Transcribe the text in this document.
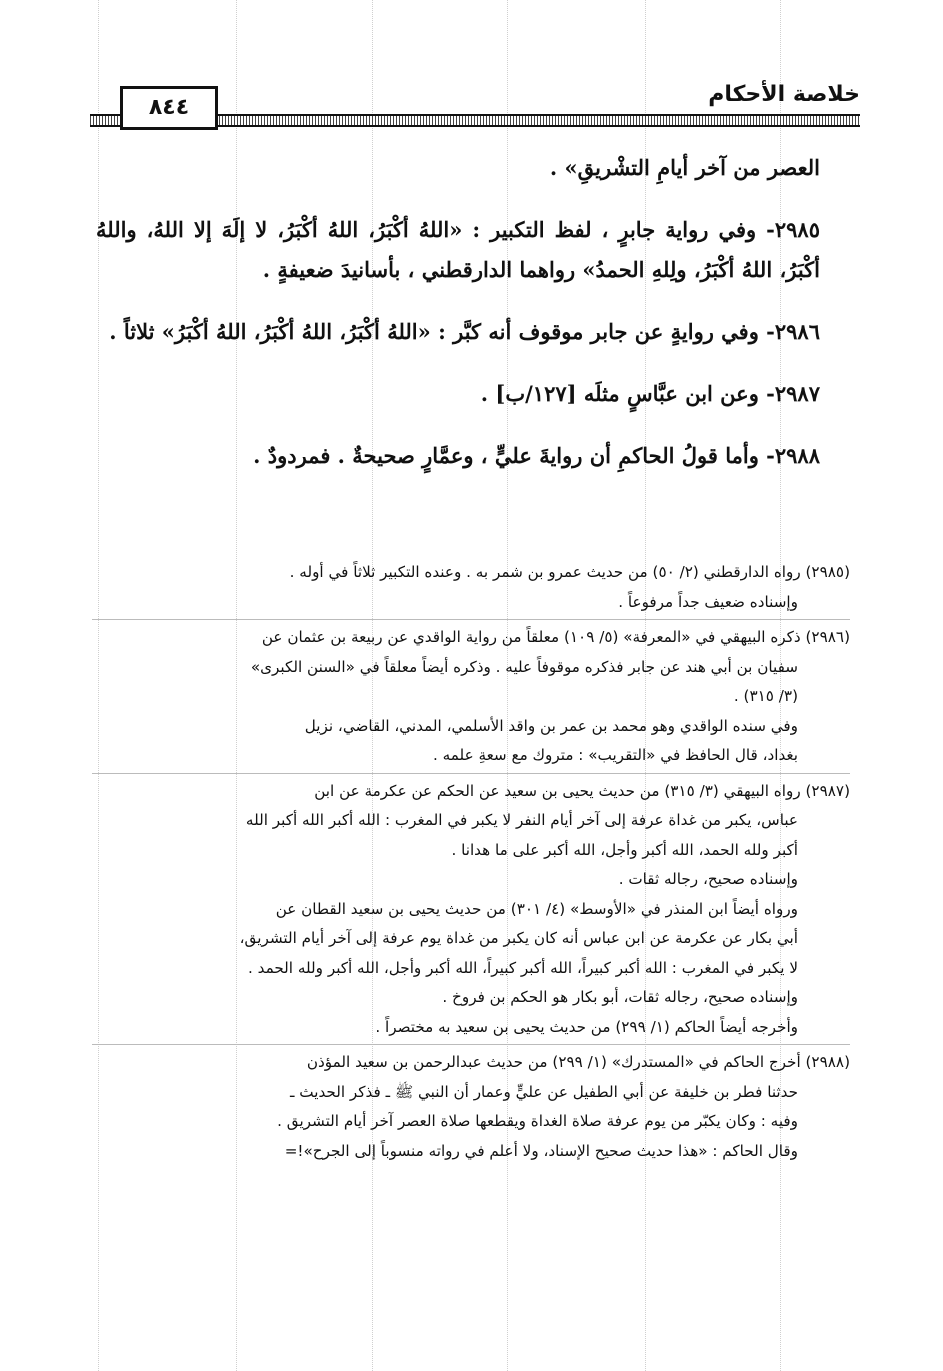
خلاصة الأحكام
٨٤٤

العصر من آخر أيامِ التشْريقِ» .

٢٩٨٥- وفي رواية جابرٍ ، لفظ التكبير : «اللهُ أكْبَرُ، اللهُ أكْبَرُ، لا إلَهَ إلا اللهُ، واللهُ أكْبَرُ، اللهُ أكْبَرُ، ولِلهِ الحمدُ» رواهما الدارقطني ، بأسانيدَ ضعيفةٍ .

٢٩٨٦- وفي روايةٍ عن جابر موقوف أنه كبَّر : «اللهُ أكْبَرُ، اللهُ أكْبَرُ، اللهُ أكْبَرُ» ثلاثاً .

٢٩٨٧- وعن ابن عبَّاسٍ مثلَه [١٢٧/ب] .

٢٩٨٨- وأما قولُ الحاكمِ أن روايةَ عليٍّ ، وعمَّارٍ صحيحةٌ . فمردودٌ .

(٢٩٨٥) رواه الدارقطني (٢/ ٥٠) من حديث عمرو بن شمر به . وعنده التكبير ثلاثاً في أوله .

وإسناده ضعيف جداً مرفوعاً .

(٢٩٨٦) ذكره البيهقي في «المعرفة» (٥/ ١٠٩) معلقاً من رواية الواقدي عن ربيعة بن عثمان عن

سفيان بن أبي هند عن جابر فذكره موقوفاً عليه . وذكره أيضاً معلقاً في «السنن الكبرى»

(٣/ ٣١٥) .

وفي سنده الواقدي وهو محمد بن عمر بن واقد الأسلمي، المدني، القاضي، نزيل

بغداد، قال الحافظ في «التقريب» : متروك مع سعةِ علمه .

(٢٩٨٧) رواه البيهقي (٣/ ٣١٥) من حديث يحيى بن سعيد عن الحكم عن عكرمة عن ابن

عباس، يكبر من غداة عرفة إلى آخر أيام النفر لا يكبر في المغرب : الله أكبر الله أكبر الله

أكبر ولله الحمد، الله أكبر وأجل، الله أكبر على ما هدانا .

وإسناده صحيح، رجاله ثقات .

ورواه أيضاً ابن المنذر في «الأوسط» (٤/ ٣٠١) من حديث يحيى بن سعيد القطان عن

أبي بكار عن عكرمة عن ابن عباس أنه كان يكبر من غداة يوم عرفة إلى آخر أيام التشريق،

لا يكبر في المغرب : الله أكبر كبيراً، الله أكبر كبيراً، الله أكبر وأجل، الله أكبر ولله الحمد .

وإسناده صحيح، رجاله ثقات، أبو بكار هو الحكم بن فروخ .

وأخرجه أيضاً الحاكم (١/ ٢٩٩) من حديث يحيى بن سعيد به مختصراً .

(٢٩٨٨) أخرج الحاكم في «المستدرك» (١/ ٢٩٩) من حديث عبدالرحمن بن سعيد المؤذن

حدثنا فطر بن خليفة عن أبي الطفيل عن عليٍّ وعمار أن النبي ﷺ ـ فذكر الحديث ـ

وفيه : وكان يكبّر من يوم عرفة صلاة الغداة ويقطعها صلاة العصر آخر أيام التشريق .

وقال الحاكم : «هذا حديث صحيح الإسناد، ولا أعلم في رواته منسوباً إلى الجرح»!=
